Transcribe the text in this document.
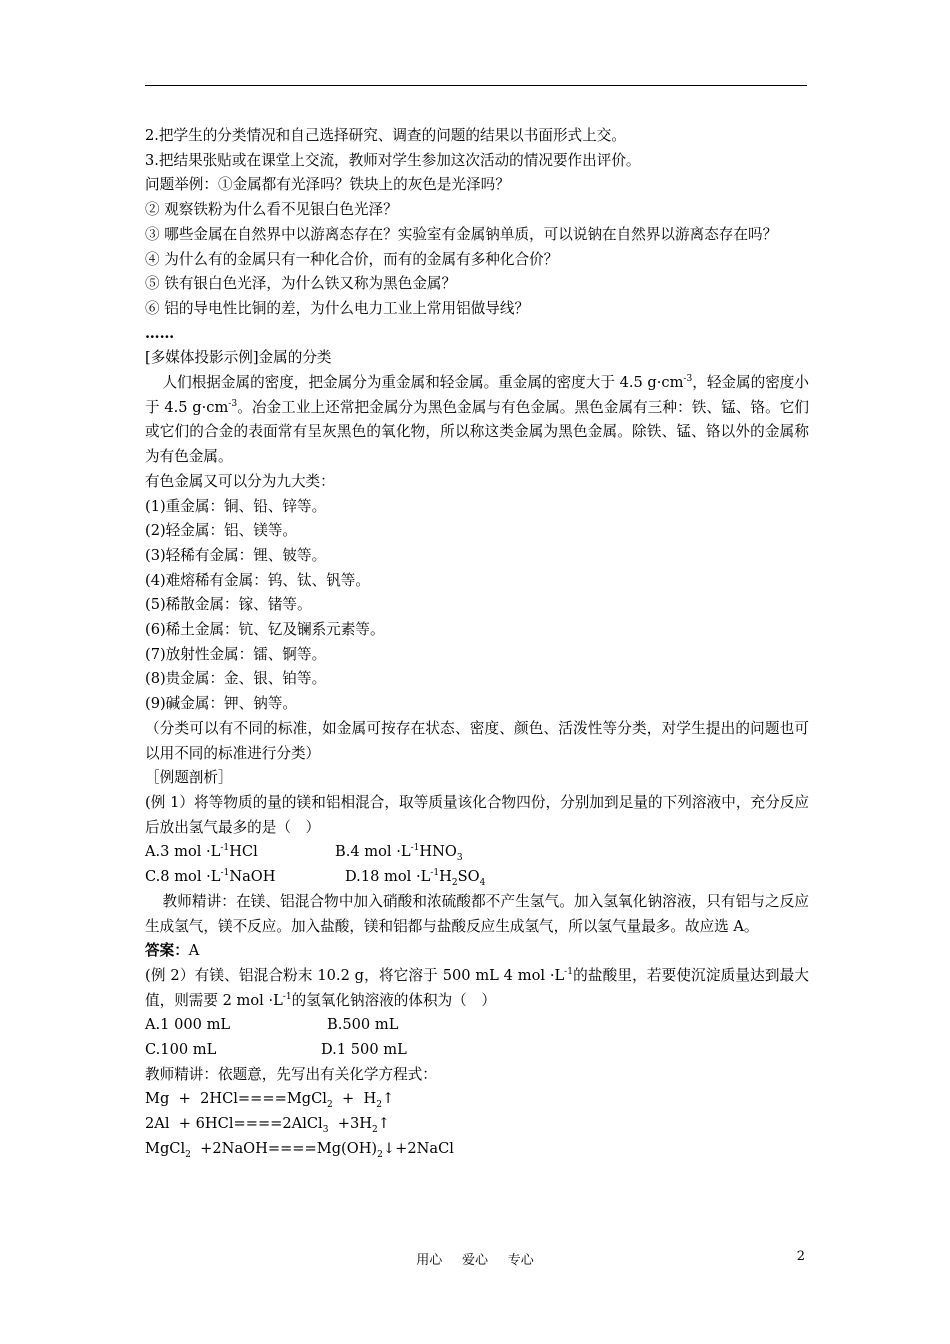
2.把学生的分类情况和自己选择研究、调查的问题的结果以书面形式上交。

3.把结果张贴或在课堂上交流，教师对学生参加这次活动的情况要作出评价。

问题举例：①金属都有光泽吗？铁块上的灰色是光泽吗？

② 观察铁粉为什么看不见银白色光泽？

③ 哪些金属在自然界中以游离态存在？实验室有金属钠单质，可以说钠在自然界以游离态存在吗？

④ 为什么有的金属只有一种化合价，而有的金属有多种化合价？

⑤ 铁有银白色光泽，为什么铁又称为黑色金属？

⑥ 铝的导电性比铜的差，为什么电力工业上常用铝做导线？

……

[多媒体投影示例]金属的分类

人们根据金属的密度，把金属分为重金属和轻金属。重金属的密度大于 4.5 $g\cdot cm^{-3}$，轻金属的密度小于 4.5 $g\cdot cm^{-3}$。冶金工业上还常把金属分为黑色金属与有色金属。黑色金属有三种：铁、锰、铬。它们或它们的合金的表面常有呈灰黑色的氧化物，所以称这类金属为黑色金属。除铁、锰、铬以外的金属称为有色金属。

有色金属又可以分为九大类：

(1)重金属：铜、铅、锌等。

(2)轻金属：铝、镁等。

(3)轻稀有金属：锂、铍等。

(4)难熔稀有金属：钨、钛、钒等。

(5)稀散金属：镓、锗等。

(6)稀土金属：钪、钇及镧系元素等。

(7)放射性金属：镭、锕等。

(8)贵金属：金、银、铂等。

(9)碱金属：钾、钠等。

（分类可以有不同的标准，如金属可按存在状态、密度、颜色、活泼性等分类，对学生提出的问题也可以用不同的标准进行分类）

［例题剖析］

(例 1）将等物质的量的镁和铝相混合，取等质量该化合物四份，分别加到足量的下列溶液中，充分反应后放出氢气最多的是（　）

A.3 mol $\cdot L^{-1}HCl$	B.4 mol $\cdot L^{-1}HNO_3$

C.8 mol $\cdot L^{-1}NaOH$	D.18 mol $\cdot L^{-1}H_2SO_4$

教师精讲：在镁、铝混合物中加入硝酸和浓硫酸都不产生氢气。加入氢氧化钠溶液，只有铝与之反应生成氢气，镁不反应。加入盐酸，镁和铝都与盐酸反应生成氢气，所以氢气量最多。故应选 A。

答案：A

(例 2）有镁、铝混合粉末 10.2 g，将它溶于 500 mL 4 mol $\cdot L^{-1}$的盐酸里，若要使沉淀质量达到最大值，则需要 2 mol $\cdot L^{-1}$的氢氧化钠溶液的体积为（　）

A.1 000 mL	B.500 mL

C.100 mL	D.1 500 mL

教师精讲：依题意，先写出有关化学方程式：

Mg  +  2HCl====MgCl$_2$  +  $H_2↑$

2Al  + 6HCl====2AlCl$_3$  $+3H_2↑$

MgCl$_2$  $+2NaOH====Mg(OH)_2↓+2NaCl$

用心 爱心 专心	2
